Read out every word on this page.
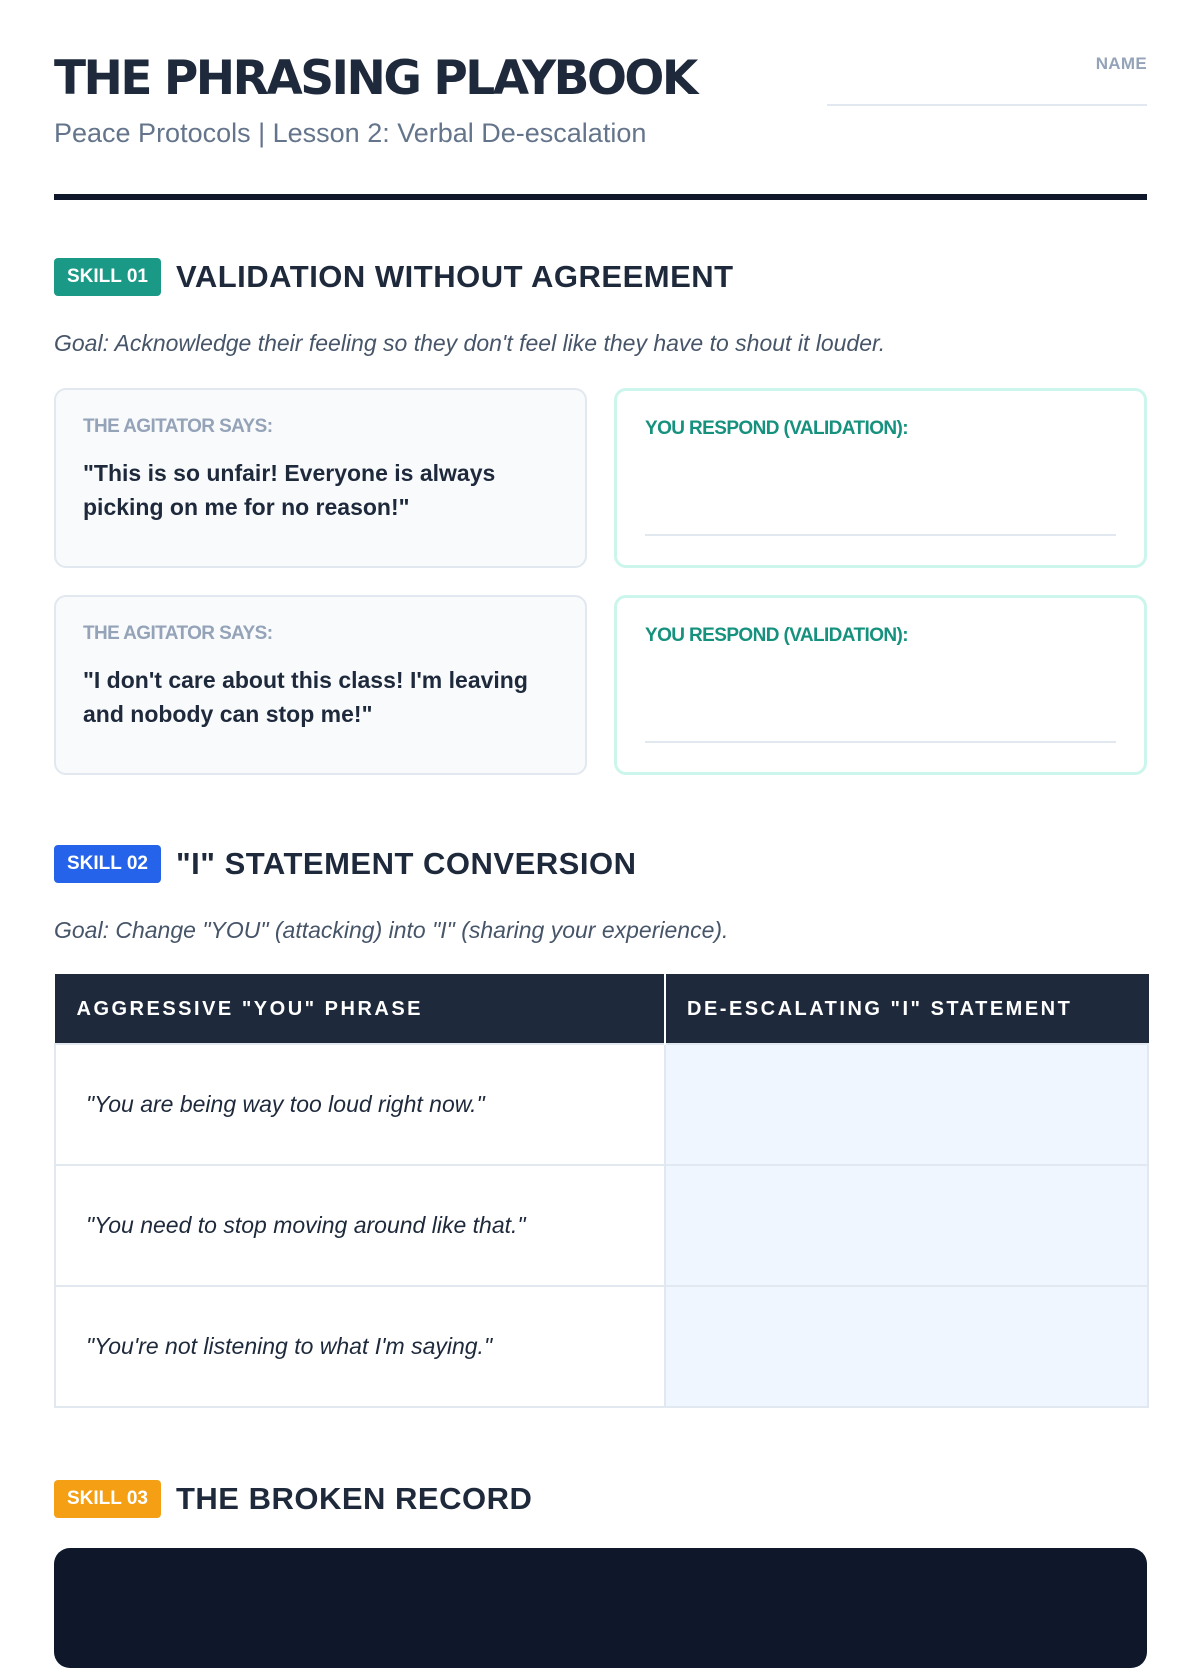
THE PHRASING PLAYBOOK
Peace Protocols | Lesson 2: Verbal De-escalation
NAME
SKILL 01 VALIDATION WITHOUT AGREEMENT
Goal: Acknowledge their feeling so they don't feel like they have to shout it louder.
THE AGITATOR SAYS:
"This is so unfair! Everyone is always picking on me for no reason!"
YOU RESPOND (VALIDATION):
THE AGITATOR SAYS:
"I don't care about this class! I'm leaving and nobody can stop me!"
YOU RESPOND (VALIDATION):
SKILL 02 "I" STATEMENT CONVERSION
Goal: Change "YOU" (attacking) into "I" (sharing your experience).
AGGRESSIVE "YOU" PHRASE	DE-ESCALATING "I" STATEMENT
"You are being way too loud right now."	
"You need to stop moving around like that."	
"You're not listening to what I'm saying."	
SKILL 03 THE BROKEN RECORD
